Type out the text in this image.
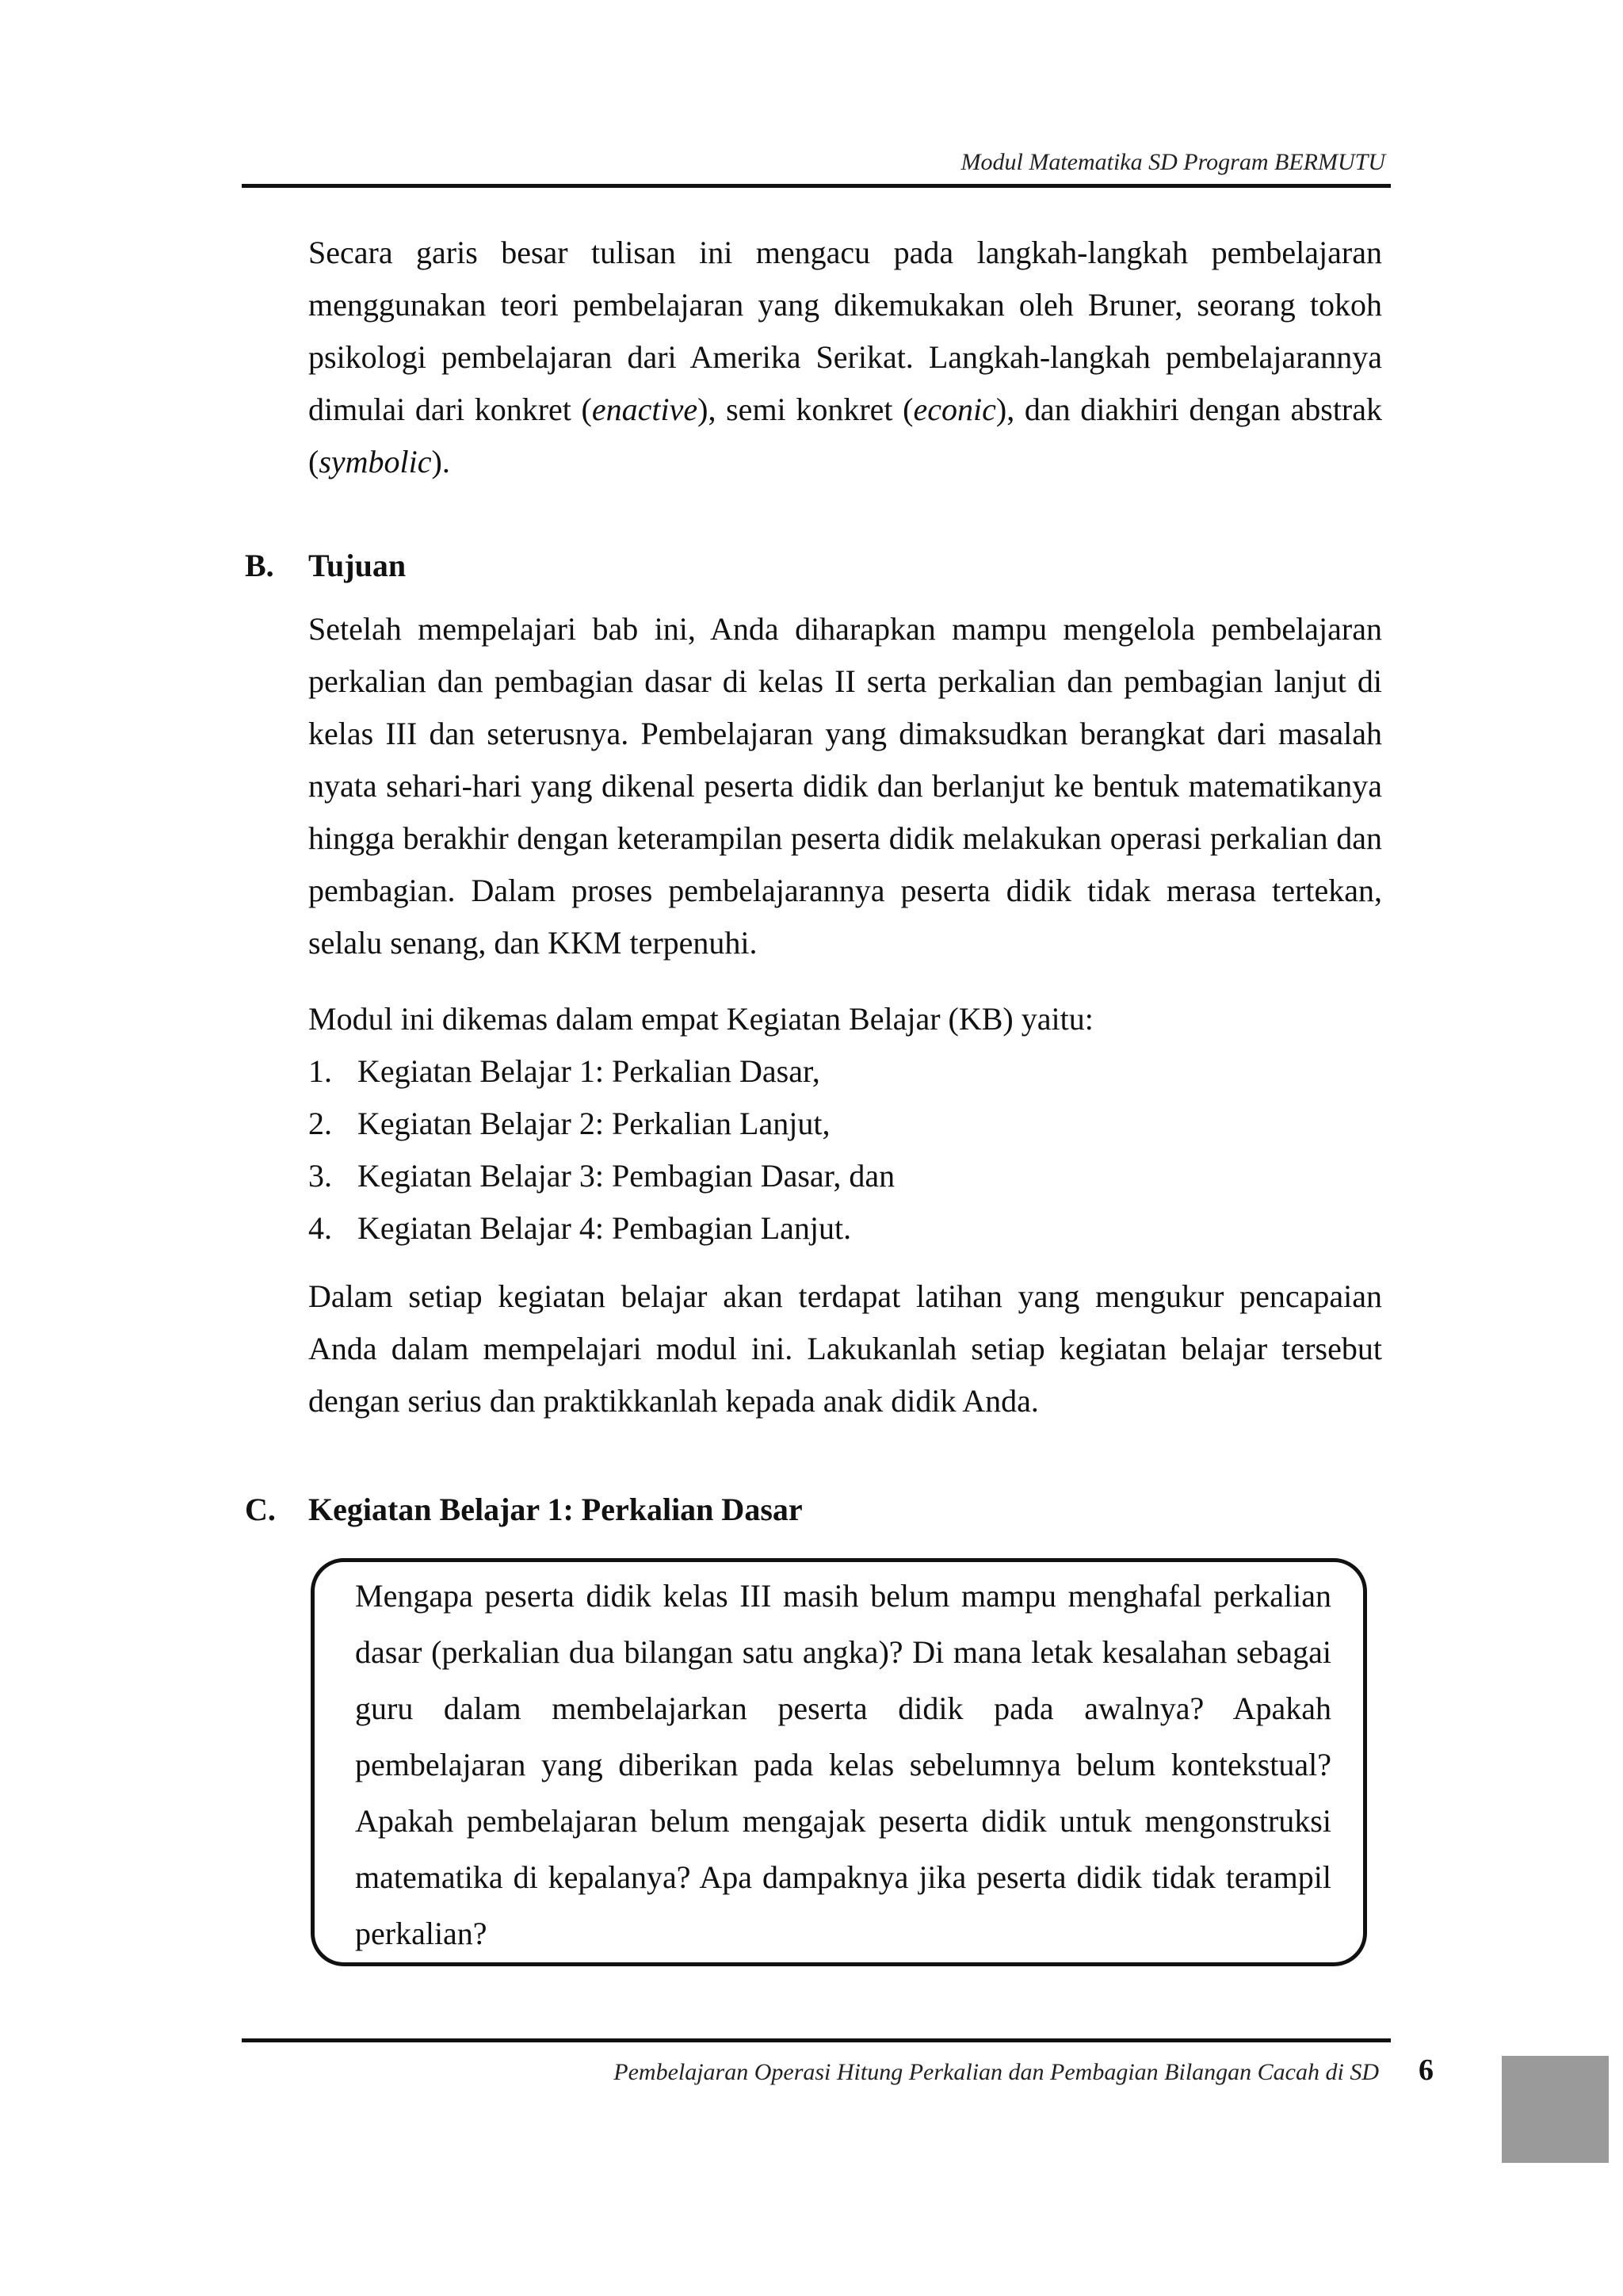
Modul Matematika SD Program BERMUTU

Secara garis besar tulisan ini mengacu pada langkah-langkah pembelajaran menggunakan teori pembelajaran yang dikemukakan oleh Bruner, seorang tokoh psikologi pembelajaran dari Amerika Serikat. Langkah-langkah pembelajarannya dimulai dari konkret (enactive), semi konkret (econic), dan diakhiri dengan abstrak (symbolic).

B. Tujuan

Setelah mempelajari bab ini, Anda diharapkan mampu mengelola pembelajaran perkalian dan pembagian dasar di kelas II serta perkalian dan pembagian lanjut di kelas III dan seterusnya. Pembelajaran yang dimaksudkan berangkat dari masalah nyata sehari-hari yang dikenal peserta didik dan berlanjut ke bentuk matematikanya hingga berakhir dengan keterampilan peserta didik melakukan operasi perkalian dan pembagian. Dalam proses pembelajarannya peserta didik tidak merasa tertekan, selalu senang, dan KKM terpenuhi.

Modul ini dikemas dalam empat Kegiatan Belajar (KB) yaitu:

1. Kegiatan Belajar 1: Perkalian Dasar,
2. Kegiatan Belajar 2: Perkalian Lanjut,
3. Kegiatan Belajar 3: Pembagian Dasar, dan
4. Kegiatan Belajar 4: Pembagian Lanjut.

Dalam setiap kegiatan belajar akan terdapat latihan yang mengukur pencapaian Anda dalam mempelajari modul ini. Lakukanlah setiap kegiatan belajar tersebut dengan serius dan praktikkanlah kepada anak didik Anda.

C. Kegiatan Belajar 1: Perkalian Dasar

Mengapa peserta didik kelas III masih belum mampu menghafal perkalian dasar (perkalian dua bilangan satu angka)? Di mana letak kesalahan sebagai guru dalam membelajarkan peserta didik pada awalnya? Apakah pembelajaran yang diberikan pada kelas sebelumnya belum kontekstual? Apakah pembelajaran belum mengajak peserta didik untuk mengonstruksi matematika di kepalanya? Apa dampaknya jika peserta didik tidak terampil perkalian?

Pembelajaran Operasi Hitung Perkalian dan Pembagian Bilangan Cacah di SD 6
